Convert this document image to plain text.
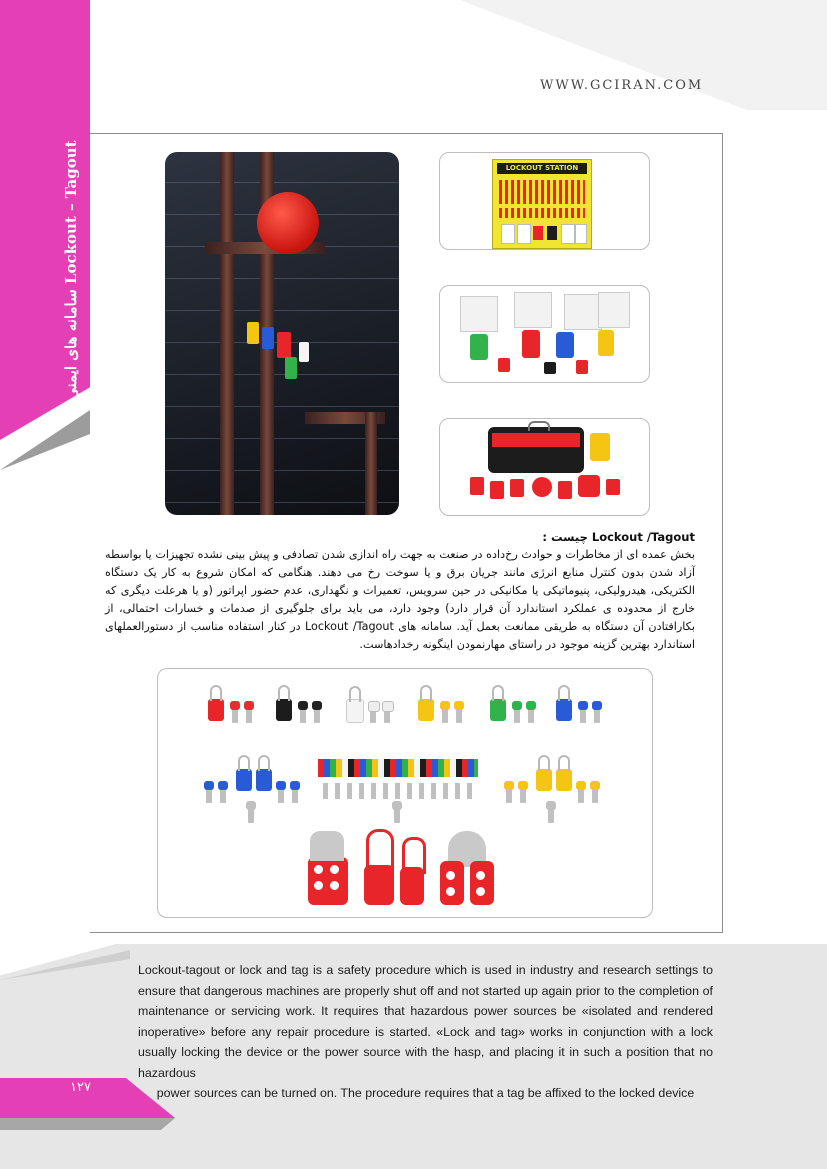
WWW.GCIRAN.COM
سامانه های ایمنی Lockout – Tagout	LOCKOUT STATION
Lockout /Tagout چیست :
بخش عمده ای از مخاطرات و حوادث رخ‌داده در صنعت به جهت راه اندازی شدن تصادفی و پیش بینی نشده تجهیزات یا بواسطه آزاد شدن بدون کنترل منابع انرژی مانند جریان برق و یا سوخت رخ می دهند. هنگامی که امکان شروع به کار یک دستگاه الکتریکی، هیدرولیکی، پنیوماتیکی یا مکانیکی در حین سرویس، تعمیرات و نگهداری، عدم حضور اپراتور (و یا هرعلت دیگری که خارج از محدوده ی عملکرد استاندارد آن قرار دارد) وجود دارد، می باید برای جلوگیری از صدمات و خسارات احتمالی، از بکارافتادن آن دستگاه به طریقی ممانعت بعمل آید. سامانه های Lockout /Tagout در کنار استفاده مناسب از دستورالعملهای استاندارد بهترین گزینه موجود در راستای مهارنمودن اینگونه رخدادهاست.
Lockout-tagout or lock and tag is a safety procedure which is used in industry and research settings to ensure that dangerous machines are properly shut off and not started up again prior to the completion of maintenance or servicing work. It requires that hazardous power sources be «isolated and rendered inoperative» before any repair procedure is started. «Lock and tag» works in conjunction with a lock usually locking the device or the power source with the hasp, and placing it in such a position that no hazardous
power sources can be turned on. The procedure requires that a tag be affixed to the locked device
۱۲۷
